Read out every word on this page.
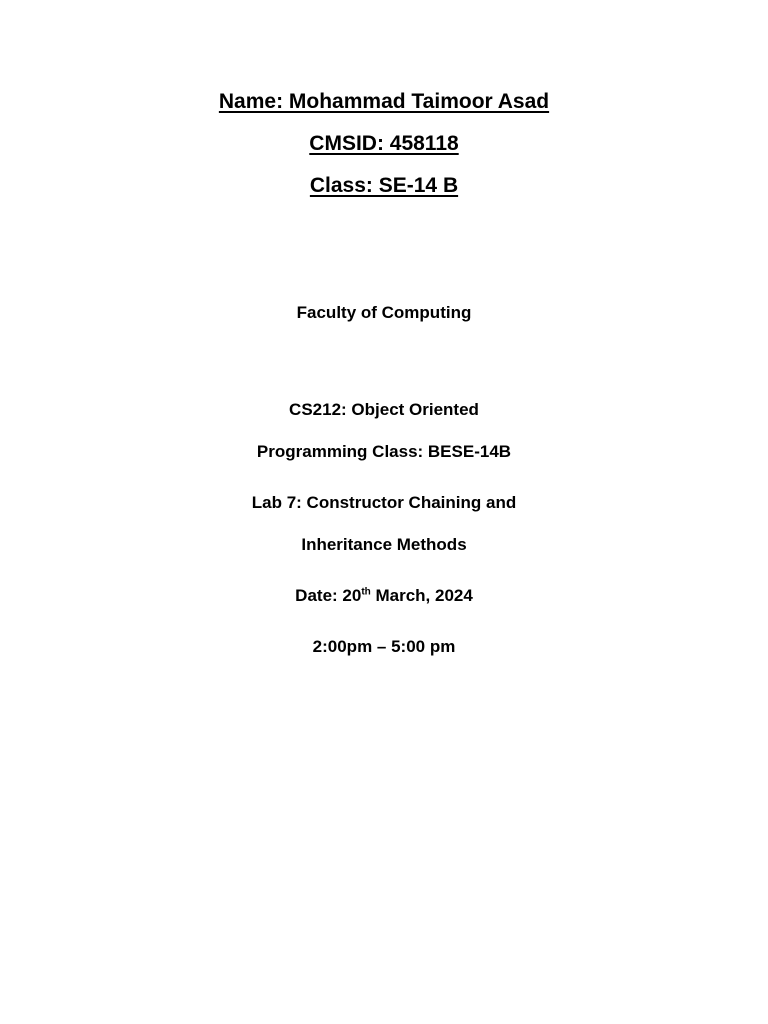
Name: Mohammad Taimoor Asad
CMSID: 458118
Class: SE-14 B
Faculty of Computing
CS212: Object Oriented
Programming Class: BESE-14B
Lab 7: Constructor Chaining and
Inheritance Methods
Date: 20th March, 2024
2:00pm – 5:00 pm
